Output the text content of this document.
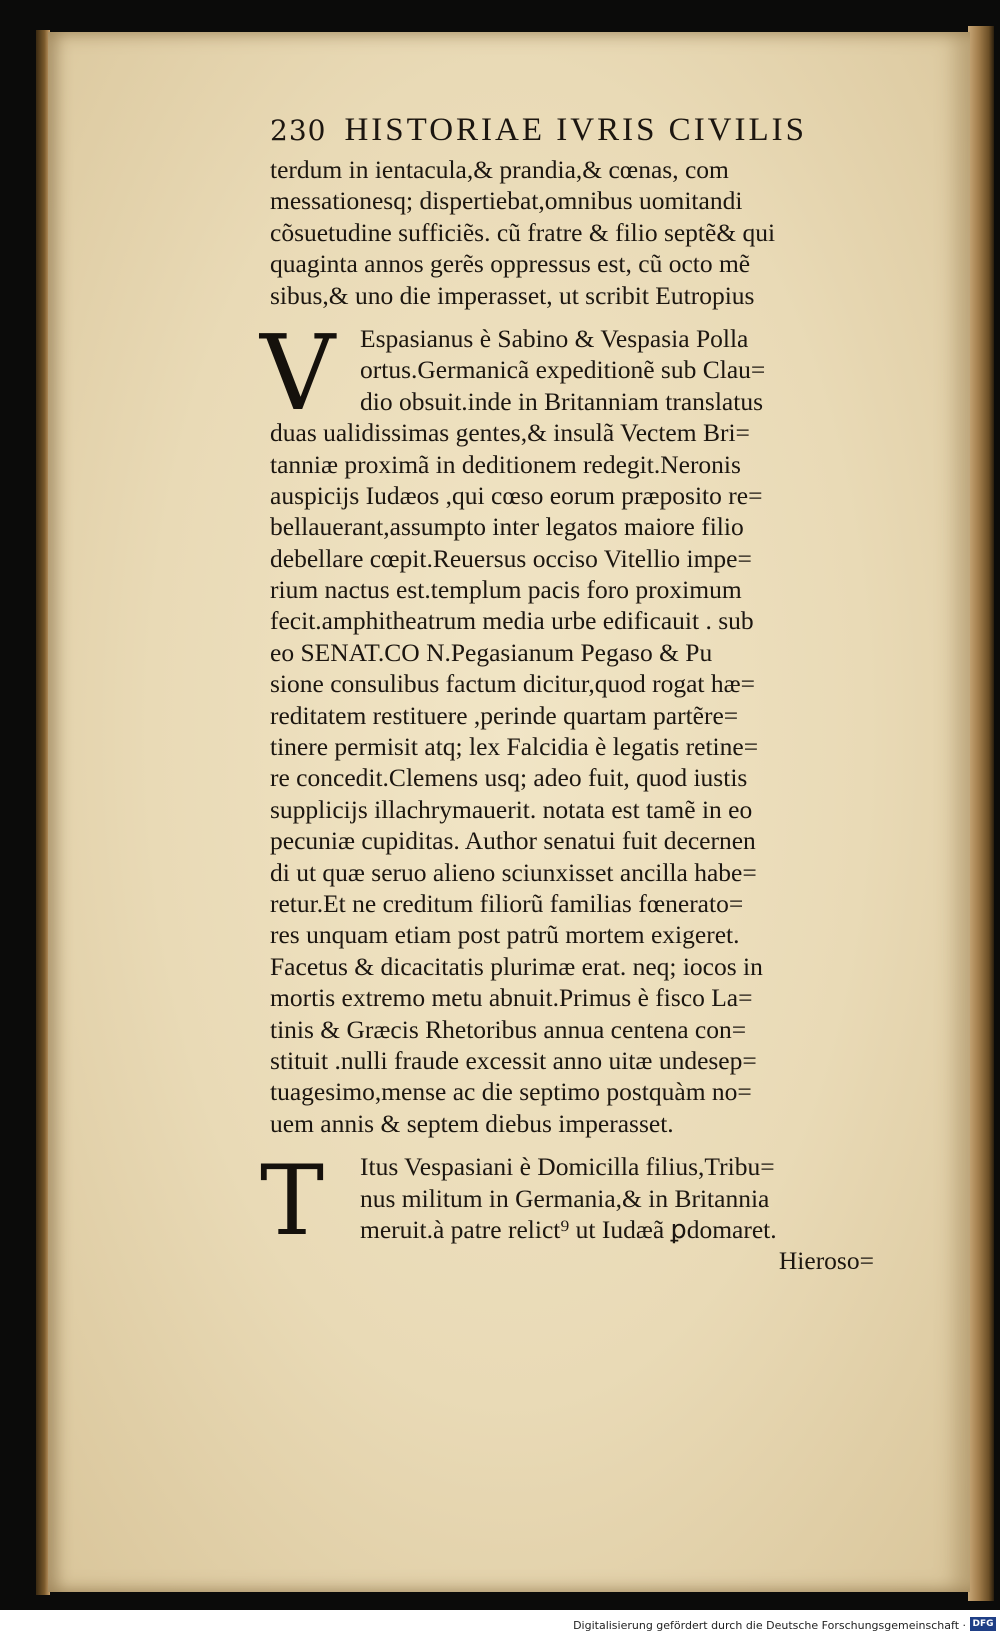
230 HISTORIAE IVRIS CIVILIS
terdum in ientacula,& prandia,& cœnas, com
messationesq; dispertiebat,omnibus uomitandi
cõsuetudine sufficiẽs. cũ fratre & filio septẽ& qui
quaginta annos gerẽs oppressus est, cũ octo mẽ
sibus,& uno die imperasset, ut scribit Eutropius
V Espasianus è Sabino & Vespasia Polla
ortus.Germanicã expeditionẽ sub Clau=
dio obsuit.inde in Britanniam translatus
duas ualidissimas gentes,& insulã Vectem Bri=
tanniæ proximã in deditionem redegit.Neronis
auspicijs Iudæos ,qui cœso eorum præposito re=
bellauerant,assumpto inter legatos maiore filio
debellare cœpit.Reuersus occiso Vitellio impe=
rium nactus est.templum pacis foro proximum
fecit.amphitheatrum media urbe edificauit . sub
eo SENAT.CO N.Pegasianum Pegaso & Pu
sione consulibus factum dicitur,quod rogat hæ=
reditatem restituere ,perinde quartam partẽre=
tinere permisit atq; lex Falcidia è legatis retine=
re concedit.Clemens usq; adeo fuit, quod iustis
supplicijs illachrymauerit. notata est tamẽ in eo
pecuniæ cupiditas. Author senatui fuit decernen
di ut quæ seruo alieno sciunxisset ancilla habe=
retur.Et ne creditum filiorũ familias fœnerato=
res unquam etiam post patrũ mortem exigeret.
Facetus & dicacitatis plurimæ erat. neq; iocos in
mortis extremo metu abnuit.Primus è fisco La=
tinis & Græcis Rhetoribus annua centena con=
stituit .nulli fraude excessit anno uitæ undesep=
tuagesimo,mense ac die septimo postquàm no=
uem annis & septem diebus imperasset.
T	Itus Vespasiani è Domicilla filius,Tribu=
nus militum in Germania,& in Britannia
meruit.à patre relict⁹ ut Iudæã ꝑdomaret.
Hierosο=
Digitalisierung gefördert durch die Deutsche Forschungsgemeinschaft · DFG
